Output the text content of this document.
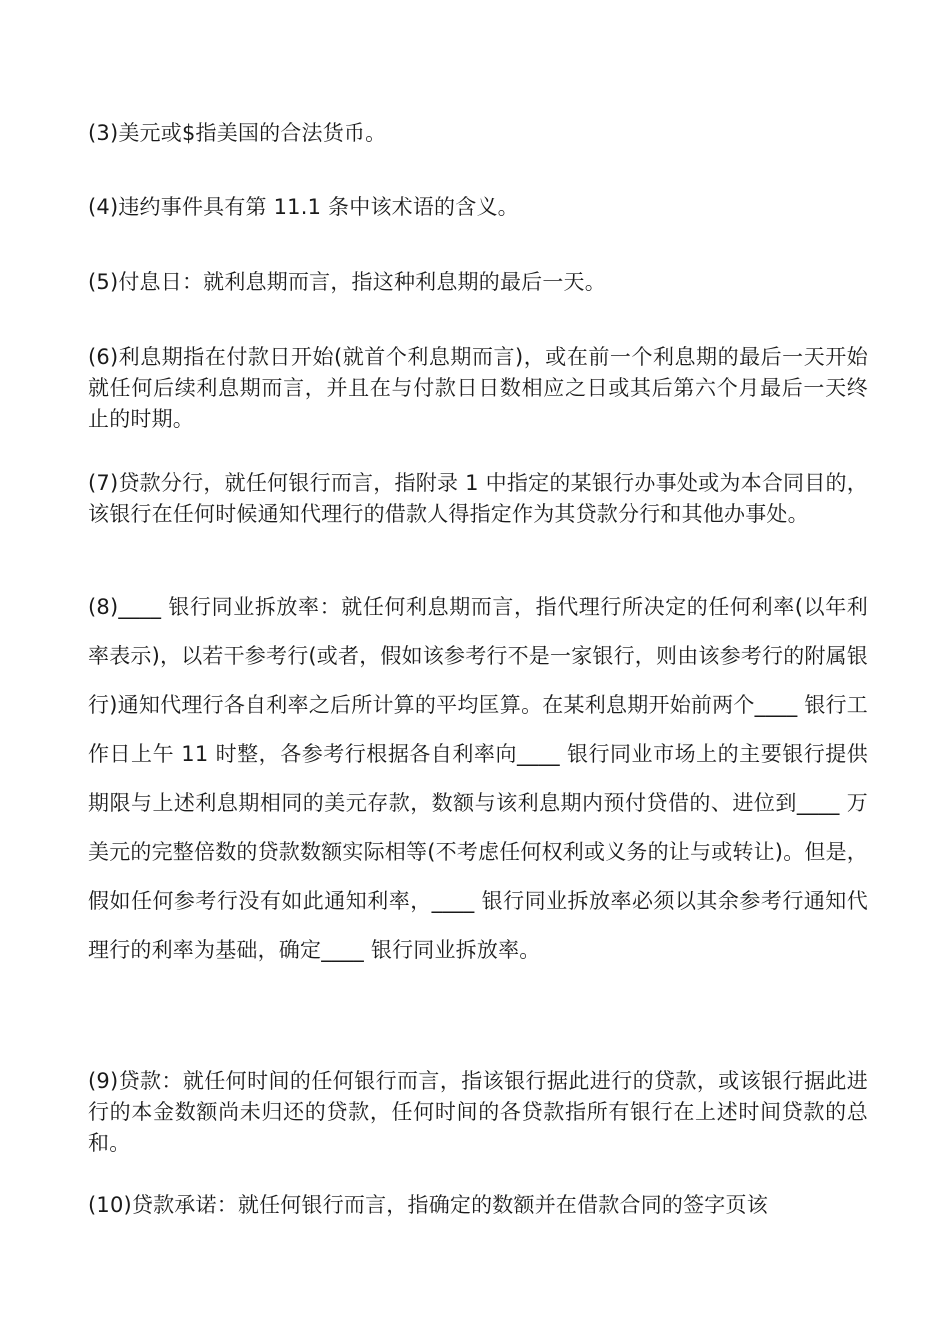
(3)美元或$指美国的合法货币。

(4)违约事件具有第 11.1 条中该术语的含义。

(5)付息日：就利息期而言，指这种利息期的最后一天。

(6)利息期指在付款日开始(就首个利息期而言)，或在前一个利息期的最后一天开始就任何后续利息期而言，并且在与付款日日数相应之日或其后第六个月最后一天终止的时期。

(7)贷款分行，就任何银行而言，指附录 1 中指定的某银行办事处或为本合同目的，该银行在任何时候通知代理行的借款人得指定作为其贷款分行和其他办事处。

(8)____ 银行同业拆放率：就任何利息期而言，指代理行所决定的任何利率(以年利率表示)，以若干参考行(或者，假如该参考行不是一家银行，则由该参考行的附属银行)通知代理行各自利率之后所计算的平均匡算。在某利息期开始前两个____ 银行工作日上午 11 时整，各参考行根据各自利率向____ 银行同业市场上的主要银行提供期限与上述利息期相同的美元存款，数额与该利息期内预付贷借的、进位到____ 万美元的完整倍数的贷款数额实际相等(不考虑任何权利或义务的让与或转让)。但是，假如任何参考行没有如此通知利率，____ 银行同业拆放率必须以其余参考行通知代理行的利率为基础，确定____ 银行同业拆放率。

(9)贷款：就任何时间的任何银行而言，指该银行据此进行的贷款，或该银行据此进行的本金数额尚未归还的贷款，任何时间的各贷款指所有银行在上述时间贷款的总和。

(10)贷款承诺：就任何银行而言，指确定的数额并在借款合同的签字页该
